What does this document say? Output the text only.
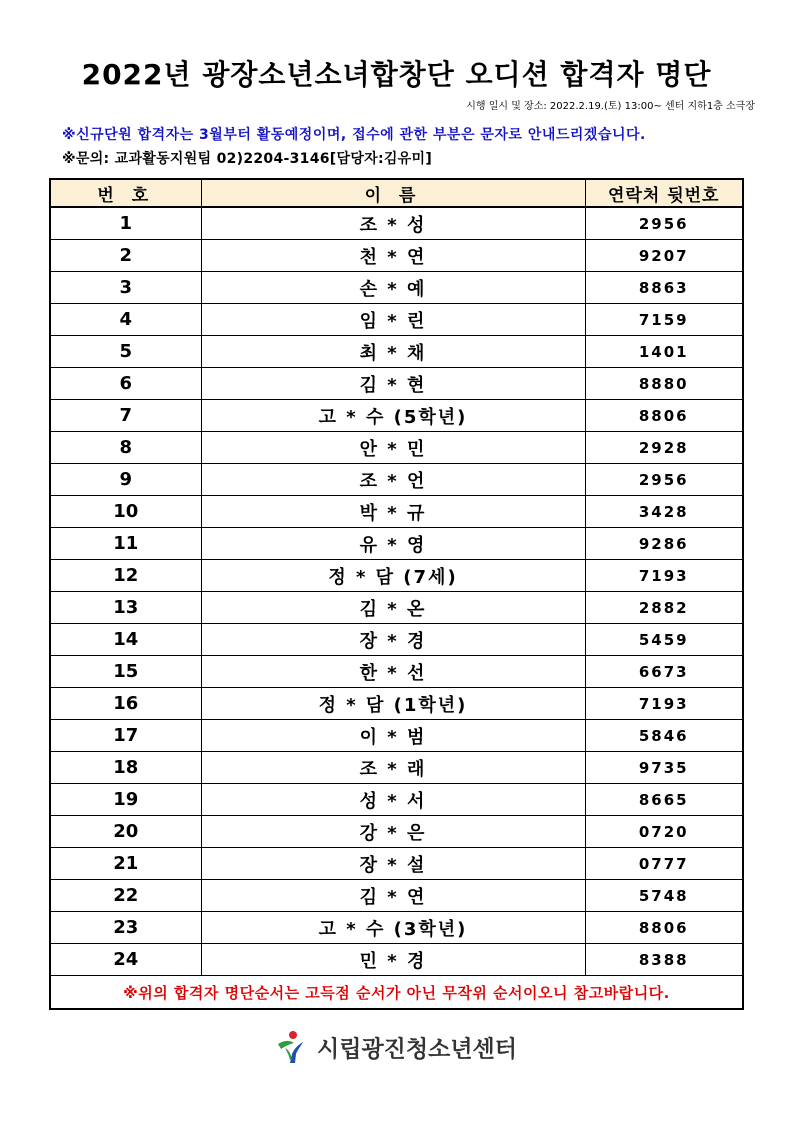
2022년 광장소년소녀합창단 오디션 합격자 명단
시행 일시 및 장소: 2022.2.19.(토) 13:00~ 센터 지하1층 소극장
※신규단원 합격자는 3월부터 활동예정이며, 접수에 관한 부분은 문자로 안내드리겠습니다.
※문의: 교과활동지원팀 02)2204-3146[담당자:김유미]
번 호	이 름	연락처 뒷번호
1	조 * 성	2956
2	천 * 연	9207
3	손 * 예	8863
4	임 * 린	7159
5	최 * 채	1401
6	김 * 현	8880
7	고 * 수 (5학년)	8806
8	안 * 민	2928
9	조 * 언	2956
10	박 * 규	3428
11	유 * 영	9286
12	정 * 담 (7세)	7193
13	김 * 온	2882
14	장 * 경	5459
15	한 * 선	6673
16	정 * 담 (1학년)	7193
17	이 * 범	5846
18	조 * 래	9735
19	성 * 서	8665
20	강 * 은	0720
21	장 * 설	0777
22	김 * 연	5748
23	고 * 수 (3학년)	8806
24	민 * 경	8388
※위의 합격자 명단순서는 고득점 순서가 아닌 무작위 순서이오니 참고바랍니다.		
시립광진청소년센터
